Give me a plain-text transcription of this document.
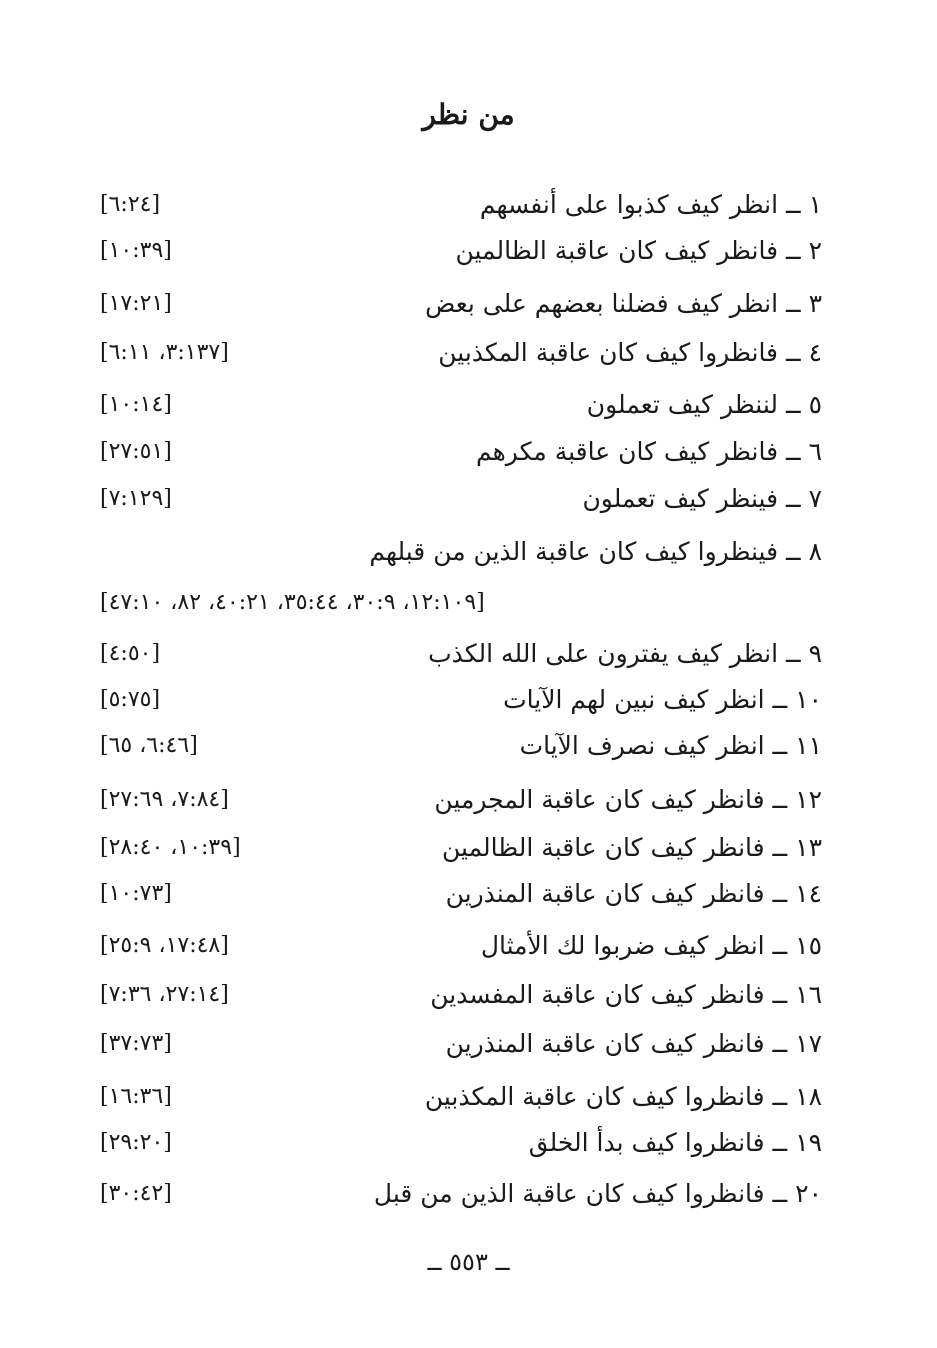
من نظر
١ ــ انظر كيف كذبوا على أنفسهم
[٦:٢٤]
٢ ــ فانظر كيف كان عاقبة الظالمين
[١٠:٣٩]
٣ ــ انظر كيف فضلنا بعضهم على بعض
[١٧:٢١]
٤ ــ فانظروا كيف كان عاقبة المكذبين
[٣:١٣٧، ٦:١١]
٥ ــ لننظر كيف تعملون
[١٠:١٤]
٦ ــ فانظر كيف كان عاقبة مكرهم
[٢٧:٥١]
٧ ــ فينظر كيف تعملون
[٧:١٢٩]
٨ ــ فينظروا كيف كان عاقبة الذين من قبلهم
[١٢:١٠٩، ٣٠:٩، ٣٥:٤٤، ٤٠:٢١، ٨٢، ٤٧:١٠]
٩ ــ انظر كيف يفترون على الله الكذب
[٤:٥٠]
١٠ ــ انظر كيف نبين لهم الآيات
[٥:٧٥]
١١ ــ انظر كيف نصرف الآيات
[٦:٤٦، ٦٥]
١٢ ــ فانظر كيف كان عاقبة المجرمين
[٧:٨٤، ٢٧:٦٩]
١٣ ــ فانظر كيف كان عاقبة الظالمين
[١٠:٣٩، ٢٨:٤٠]
١٤ ــ فانظر كيف كان عاقبة المنذرين
[١٠:٧٣]
١٥ ــ انظر كيف ضربوا لك الأمثال
[١٧:٤٨، ٢٥:٩]
١٦ ــ فانظر كيف كان عاقبة المفسدين
[٢٧:١٤، ٧:٣٦]
١٧ ــ فانظر كيف كان عاقبة المنذرين
[٣٧:٧٣]
١٨ ــ فانظروا كيف كان عاقبة المكذبين
[١٦:٣٦]
١٩ ــ فانظروا كيف بدأ الخلق
[٢٩:٢٠]
٢٠ ــ فانظروا كيف كان عاقبة الذين من قبل
[٣٠:٤٢]
ــ ٥٥٣ ــ
